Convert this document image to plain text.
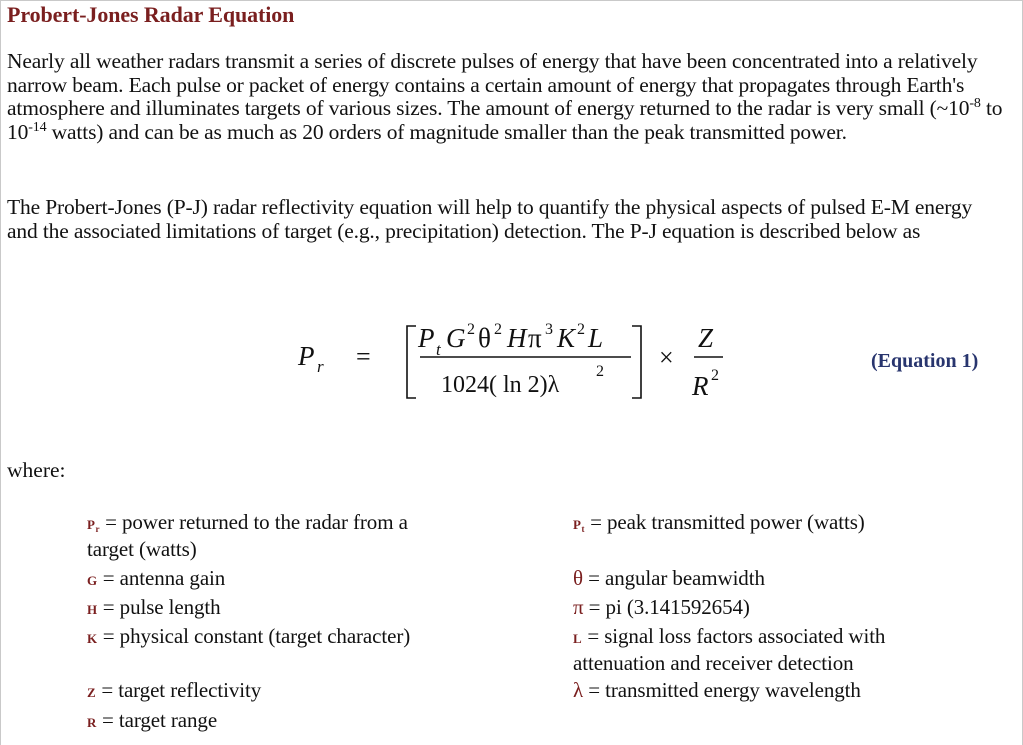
Probert-Jones Radar Equation

Nearly all weather radars transmit a series of discrete pulses of energy that have been concentrated into a relatively narrow beam. Each pulse or packet of energy contains a certain amount of energy that propagates through Earth's atmosphere and illuminates targets of various sizes. The amount of energy returned to the radar is very small ($\sim 10^{-8}$ to $10^{-14}$ watts) and can be as much as 20 orders of magnitude smaller than the peak transmitted power.

The Probert-Jones (P-J) radar reflectivity equation will help to quantify the physical aspects of pulsed E-M energy and the associated limitations of target (e.g., precipitation) detection. The P-J equation is described below as

P r =
P t G 2 θ 2 H π 3 K 2 L
1024( ln 2)λ
2 ×
Z
R 2
(Equation 1)
where:
$P_r$ = power returned to the radar from a
target (watts)
G = antenna gain
H = pulse length
K = physical constant (target character)
Z = target reflectivity
R = target range
$P_t$ = peak transmitted power (watts)
θ = angular beamwidth
π = pi (3.141592654)
L = signal loss factors associated with
attenuation and receiver detection
λ = transmitted energy wavelength
